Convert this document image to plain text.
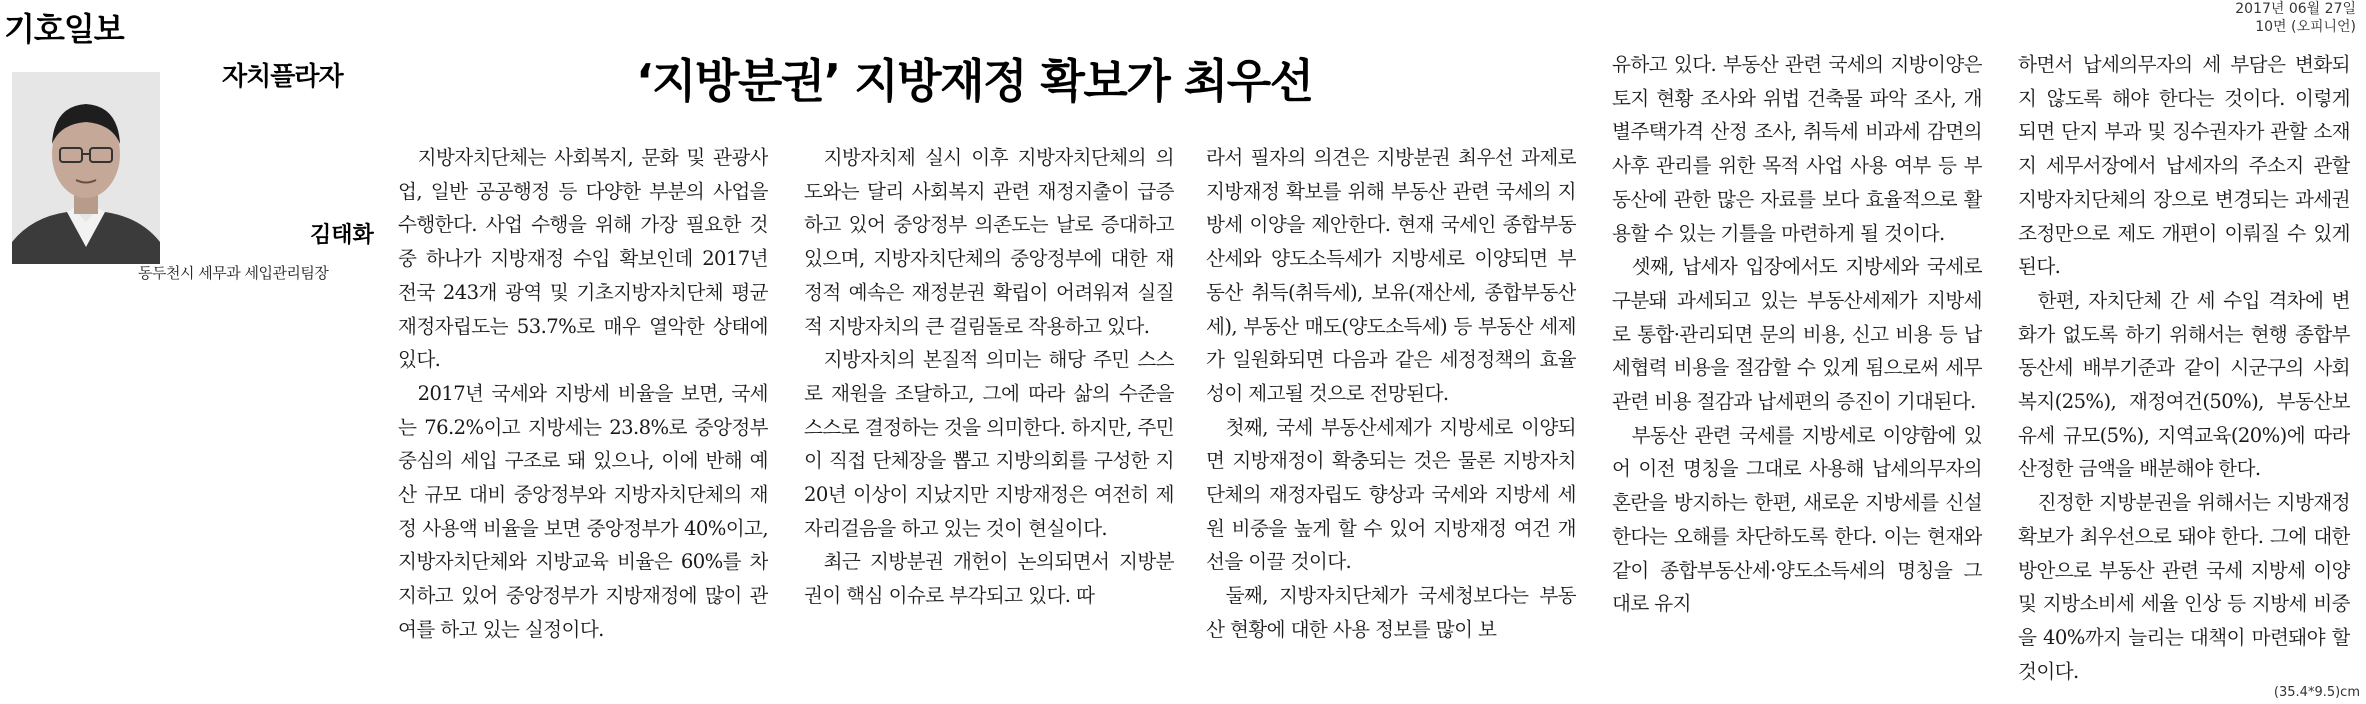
기호일보
2017년 06월 27일
10면 (오피니언)
자치플라자
김태화
동두천시 세무과 세입관리팀장
‘지방분권’ 지방재정 확보가 최우선

지방자치단체는 사회복지, 문화 및 관광사업, 일반 공공행정 등 다양한 부분의 사업을 수행한다. 사업 수행을 위해 가장 필요한 것 중 하나가 지방재정 수입 확보인데 2017년 전국 243개 광역 및 기초지방자치단체 평균 재정자립도는 53.7%로 매우 열악한 상태에 있다.

2017년 국세와 지방세 비율을 보면, 국세는 76.2%이고 지방세는 23.8%로 중앙정부 중심의 세입 구조로 돼 있으나, 이에 반해 예산 규모 대비 중앙정부와 지방자치단체의 재정 사용액 비율을 보면 중앙정부가 40%이고, 지방자치단체와 지방교육 비율은 60%를 차지하고 있어 중앙정부가 지방재정에 많이 관여를 하고 있는 실정이다.

지방자치제 실시 이후 지방자치단체의 의도와는 달리 사회복지 관련 재정지출이 급증하고 있어 중앙정부 의존도는 날로 증대하고 있으며, 지방자치단체의 중앙정부에 대한 재정적 예속은 재정분권 확립이 어려워져 실질적 지방자치의 큰 걸림돌로 작용하고 있다.

지방자치의 본질적 의미는 해당 주민 스스로 재원을 조달하고, 그에 따라 삶의 수준을 스스로 결정하는 것을 의미한다. 하지만, 주민이 직접 단체장을 뽑고 지방의회를 구성한 지 20년 이상이 지났지만 지방재정은 여전히 제자리걸음을 하고 있는 것이 현실이다.

최근 지방분권 개헌이 논의되면서 지방분권이 핵심 이슈로 부각되고 있다. 따

라서 필자의 의견은 지방분권 최우선 과제로 지방재정 확보를 위해 부동산 관련 국세의 지방세 이양을 제안한다. 현재 국세인 종합부동산세와 양도소득세가 지방세로 이양되면 부동산 취득(취득세), 보유(재산세, 종합부동산세), 부동산 매도(양도소득세) 등 부동산 세제가 일원화되면 다음과 같은 세정정책의 효율성이 제고될 것으로 전망된다.

첫째, 국세 부동산세제가 지방세로 이양되면 지방재정이 확충되는 것은 물론 지방자치단체의 재정자립도 향상과 국세와 지방세 세원 비중을 높게 할 수 있어 지방재정 여건 개선을 이끌 것이다.

둘째, 지방자치단체가 국세청보다는 부동산 현황에 대한 사용 정보를 많이 보

유하고 있다. 부동산 관련 국세의 지방이양은 토지 현황 조사와 위법 건축물 파악 조사, 개별주택가격 산정 조사, 취득세 비과세 감면의 사후 관리를 위한 목적 사업 사용 여부 등 부동산에 관한 많은 자료를 보다 효율적으로 활용할 수 있는 기틀을 마련하게 될 것이다.

셋째, 납세자 입장에서도 지방세와 국세로 구분돼 과세되고 있는 부동산세제가 지방세로 통합·관리되면 문의 비용, 신고 비용 등 납세협력 비용을 절감할 수 있게 됨으로써 세무 관련 비용 절감과 납세편의 증진이 기대된다.

부동산 관련 국세를 지방세로 이양함에 있어 이전 명칭을 그대로 사용해 납세의무자의 혼란을 방지하는 한편, 새로운 지방세를 신설한다는 오해를 차단하도록 한다. 이는 현재와 같이 종합부동산세·양도소득세의 명칭을 그대로 유지

하면서 납세의무자의 세 부담은 변화되지 않도록 해야 한다는 것이다. 이렇게 되면 단지 부과 및 징수권자가 관할 소재지 세무서장에서 납세자의 주소지 관할 지방자치단체의 장으로 변경되는 과세권 조정만으로 제도 개편이 이뤄질 수 있게 된다.

한편, 자치단체 간 세 수입 격차에 변화가 없도록 하기 위해서는 현행 종합부동산세 배부기준과 같이 시군구의 사회복지(25%), 재정여건(50%), 부동산보유세 규모(5%), 지역교육(20%)에 따라 산정한 금액을 배분해야 한다.

진정한 지방분권을 위해서는 지방재정 확보가 최우선으로 돼야 한다. 그에 대한 방안으로 부동산 관련 국세 지방세 이양 및 지방소비세 세율 인상 등 지방세 비중을 40%까지 늘리는 대책이 마련돼야 할 것이다.

(35.4*9.5)cm
